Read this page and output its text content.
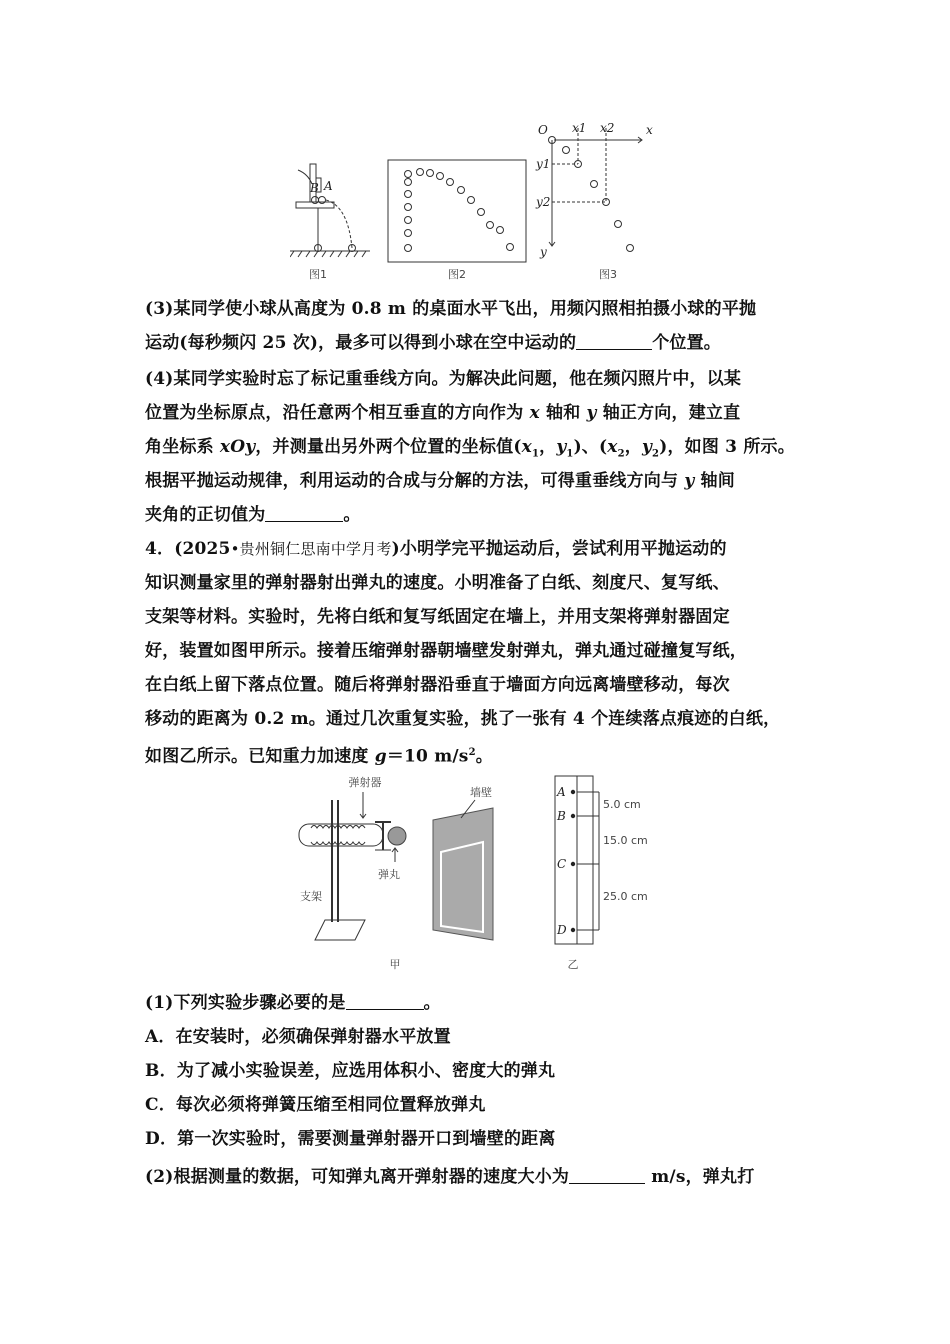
B A
图1	图2
O	x
y
x1 x2
y1
y2
图3
(3)某同学使小球从高度为 0.8 m 的桌面水平飞出，用频闪照相拍摄小球的平抛
运动(每秒频闪 25 次)，最多可以得到小球在空中运动的	个位置。
(4)某同学实验时忘了标记重垂线方向。为解决此问题，他在频闪照片中，以某
位置为坐标原点，沿任意两个相互垂直的方向作为 x 轴和 y 轴正方向，建立直
角坐标系 xOy，并测量出另外两个位置的坐标值($x_1$，$y_1$)、($x_2$，$y_2$)，如图 3 所示。
根据平抛运动规律，利用运动的合成与分解的方法，可得重垂线方向与 y 轴间
夹角的正切值为	。
4．(2025•贵州铜仁思南中学月考)小明学完平抛运动后，尝试利用平抛运动的
知识测量家里的弹射器射出弹丸的速度。小明准备了白纸、刻度尺、复写纸、
支架等材料。实验时，先将白纸和复写纸固定在墙上，并用支架将弹射器固定
好，装置如图甲所示。接着压缩弹射器朝墙壁发射弹丸，弹丸通过碰撞复写纸，
在白纸上留下落点位置。随后将弹射器沿垂直于墙面方向远离墙壁移动，每次
移动的距离为 0.2 m。通过几次重复实验，挑了一张有 4 个连续落点痕迹的白纸，
如图乙所示。已知重力加速度 g＝10 $m/s^2$。
弹射器
弹丸
支架
墙壁
甲
A
B
C
D
5.0 cm
15.0 cm
25.0 cm
乙
(1)下列实验步骤必要的是	。
A．在安装时，必须确保弹射器水平放置
B．为了减小实验误差，应选用体积小、密度大的弹丸
C．每次必须将弹簧压缩至相同位置释放弹丸
D．第一次实验时，需要测量弹射器开口到墙壁的距离
(2)根据测量的数据，可知弹丸离开弹射器的速度大小为	m/s，弹丸打
